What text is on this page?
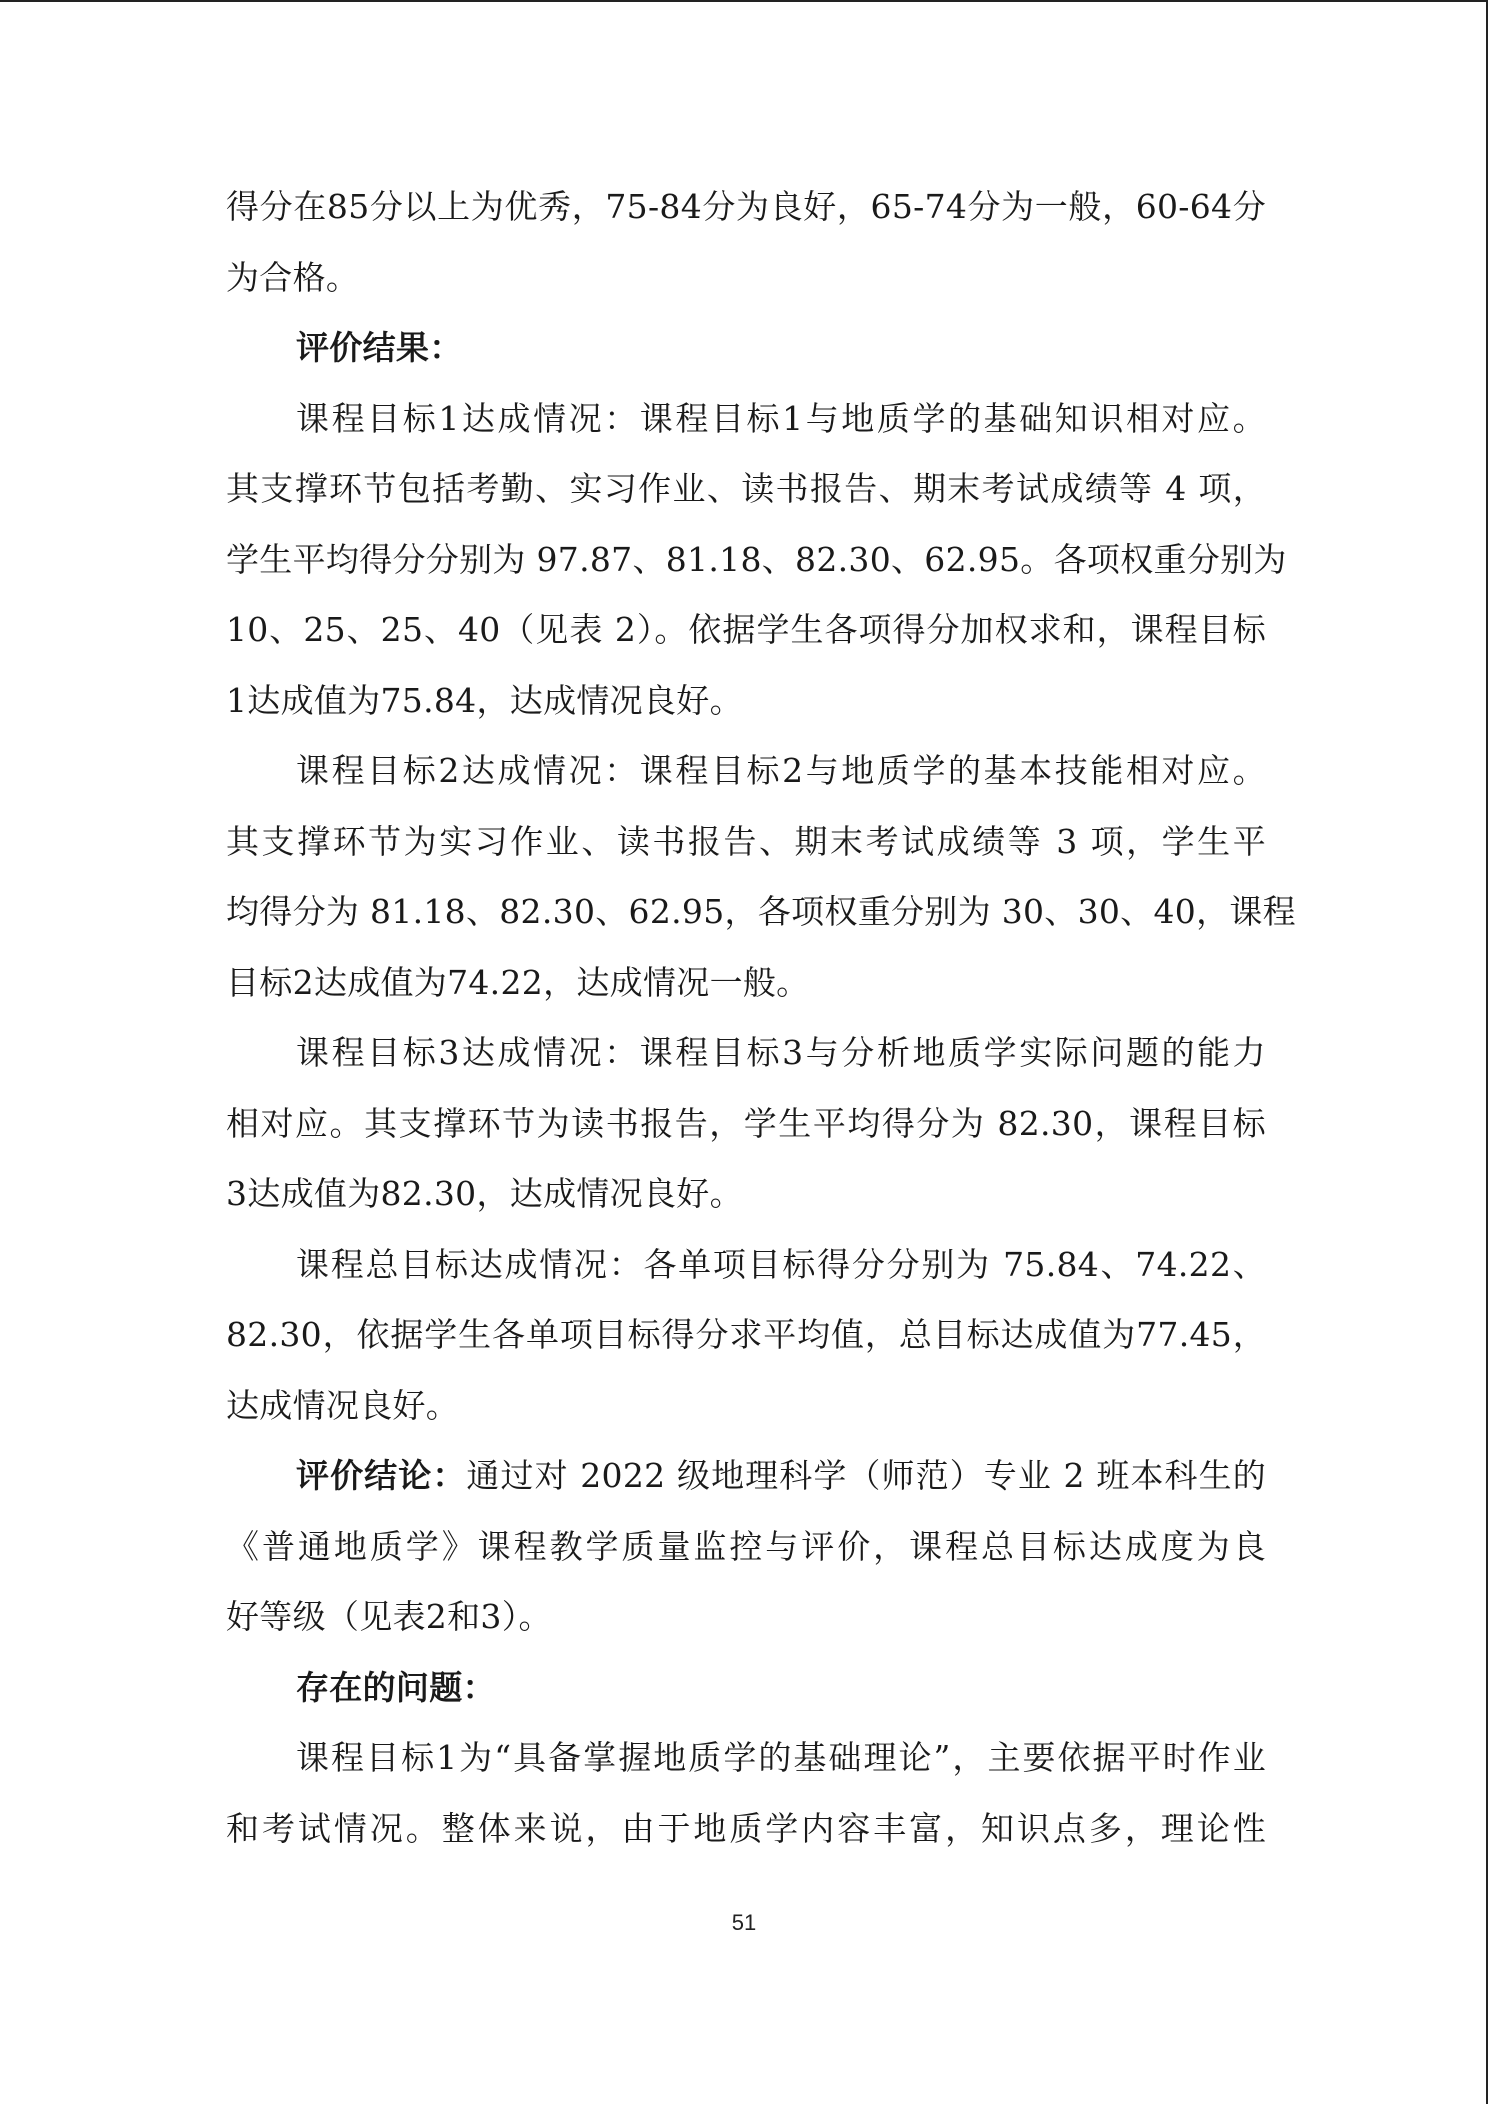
得分在85分以上为优秀，75-84分为良好，65-74分为一般，60-64分
为合格。
评价结果：
课程目标1达成情况：课程目标1与地质学的基础知识相对应。
其支撑环节包括考勤、实习作业、读书报告、期末考试成绩等 4 项，
学生平均得分分别为 97.87、81.18、82.30、62.95。各项权重分别为
10、25、25、40（见表 2）。依据学生各项得分加权求和，课程目标
1达成值为75.84，达成情况良好。
课程目标2达成情况：课程目标2与地质学的基本技能相对应。
其支撑环节为实习作业、读书报告、期末考试成绩等 3 项，学生平
均得分为 81.18、82.30、62.95，各项权重分别为 30、30、40，课程
目标2达成值为74.22，达成情况一般。
课程目标3达成情况：课程目标3与分析地质学实际问题的能力
相对应。其支撑环节为读书报告，学生平均得分为 82.30，课程目标
3达成值为82.30，达成情况良好。
课程总目标达成情况：各单项目标得分分别为 75.84、74.22、
82.30，依据学生各单项目标得分求平均值，总目标达成值为77.45，
达成情况良好。
评价结论：通过对 2022 级地理科学（师范）专业 2 班本科生的
《普通地质学》课程教学质量监控与评价，课程总目标达成度为良
好等级（见表2和3）。
存在的问题：
课程目标1为“具备掌握地质学的基础理论”，主要依据平时作业
和考试情况。整体来说，由于地质学内容丰富，知识点多，理论性
51
